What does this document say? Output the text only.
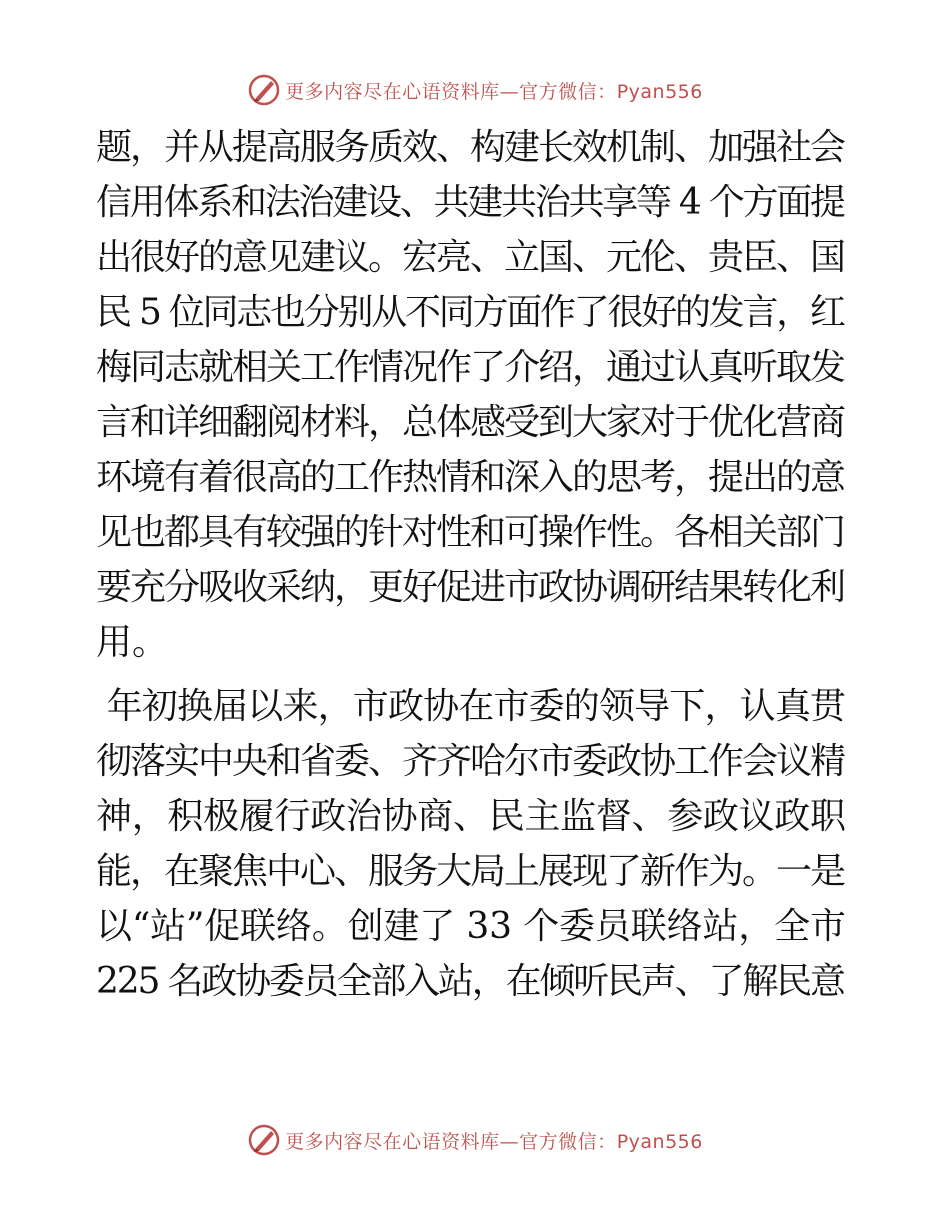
更多内容尽在心语资料库—官方微信：Pyan556
题，并从提高服务质效、构建长效机制、加强社会
信用体系和法治建设、共建共治共享等 4 个方面提
出很好的意见建议。宏亮、立国、元伦、贵臣、国
民 5 位同志也分别从不同方面作了很好的发言，红
梅同志就相关工作情况作了介绍，通过认真听取发
言和详细翻阅材料，总体感受到大家对于优化营商
环境有着很高的工作热情和深入的思考，提出的意
见也都具有较强的针对性和可操作性。各相关部门
要充分吸收采纳，更好促进市政协调研结果转化利
用。
年初换届以来，市政协在市委的领导下，认真贯
彻落实中央和省委、齐齐哈尔市委政协工作会议精
神，积极履行政治协商、民主监督、参政议政职
能，在聚焦中心、服务大局上展现了新作为。一是
以“站”促联络。创建了 33 个委员联络站，全市
225 名政协委员全部入站，在倾听民声、了解民意
更多内容尽在心语资料库—官方微信：Pyan556
